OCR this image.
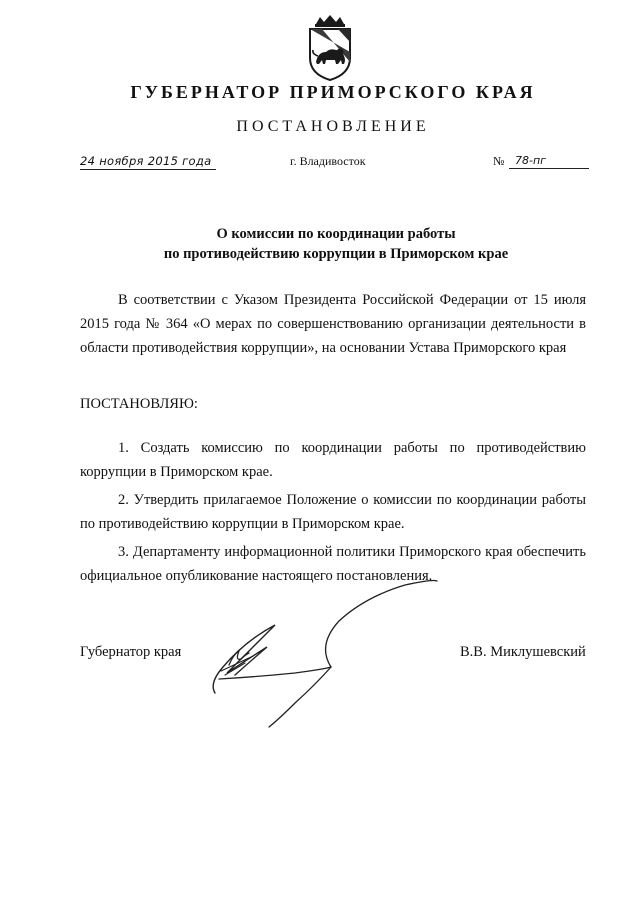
ГУБЕРНАТОР ПРИМОРСКОГО КРАЯ
ПОСТАНОВЛЕНИЕ
24 ноября 2015 года	г. Владивосток	№ 78-пг
О комиссии по координации работы
по противодействию коррупции в Приморском крае
В соответствии с Указом Президента Российской Федерации от 15 июля 2015 года № 364 «О мерах по совершенствованию организации деятельности в области противодействия коррупции», на основании Устава Приморского края
ПОСТАНОВЛЯЮ:
1. Создать комиссию по координации работы по противодействию коррупции в Приморском крае.
2. Утвердить прилагаемое Положение о комиссии по координации работы по противодействию коррупции в Приморском крае.
3. Департаменту информационной политики Приморского края обеспечить официальное опубликование настоящего постановления.
Губернатор края	В.В. Миклушевский
